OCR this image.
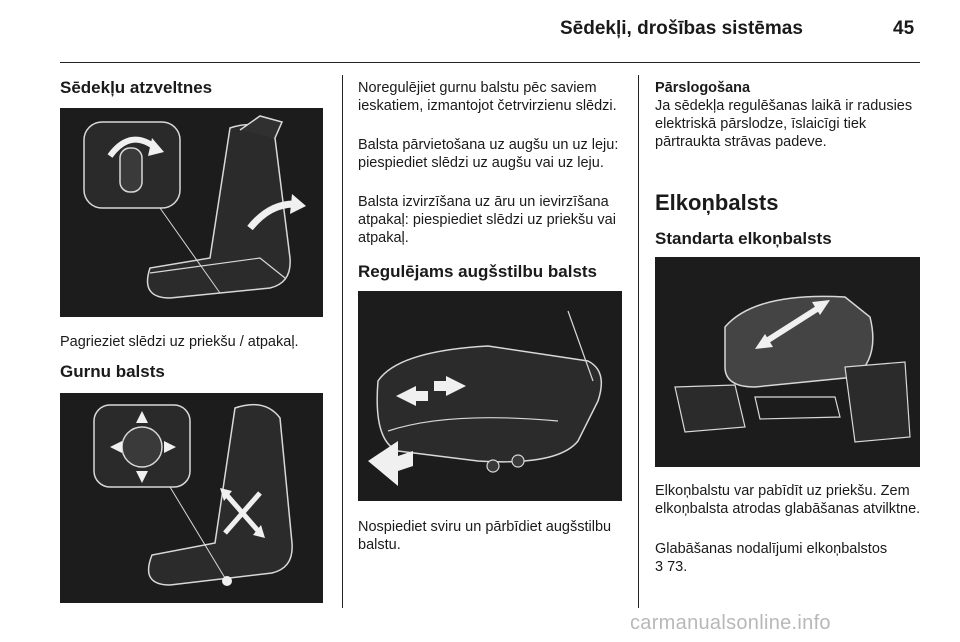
Sēdekļi, drošības sistēmas	45
Sēdekļu atzveltnes

Pagrieziet slēdzi uz priekšu / atpakaļ.

Gurnu balsts

Noregulējiet gurnu balstu pēc saviem ieskatiem, izmantojot četrvirzienu slēdzi.

Balsta pārvietošana uz augšu un uz leju: piespiediet slēdzi uz augšu vai uz leju.

Balsta izvirzīšana uz āru un ievirzīšana atpakaļ: piespiediet slēdzi uz priekšu vai atpakaļ.

Regulējams augšstilbu balsts

Nospiediet sviru un pārbīdiet augšstilbu balstu.

Pārslogošana
Ja sēdekļa regulēšanas laikā ir radusies elektriskā pārslodze, īslaicīgi tiek pārtraukta strāvas padeve.

Elkoņbalsts
Standarta elkoņbalsts

Elkoņbalstu var pabīdīt uz priekšu. Zem elkoņbalsta atrodas glabāšanas atvilktne.

Glabāšanas nodalījumi elkoņbalstos
3 73.

carmanualsonline.info
